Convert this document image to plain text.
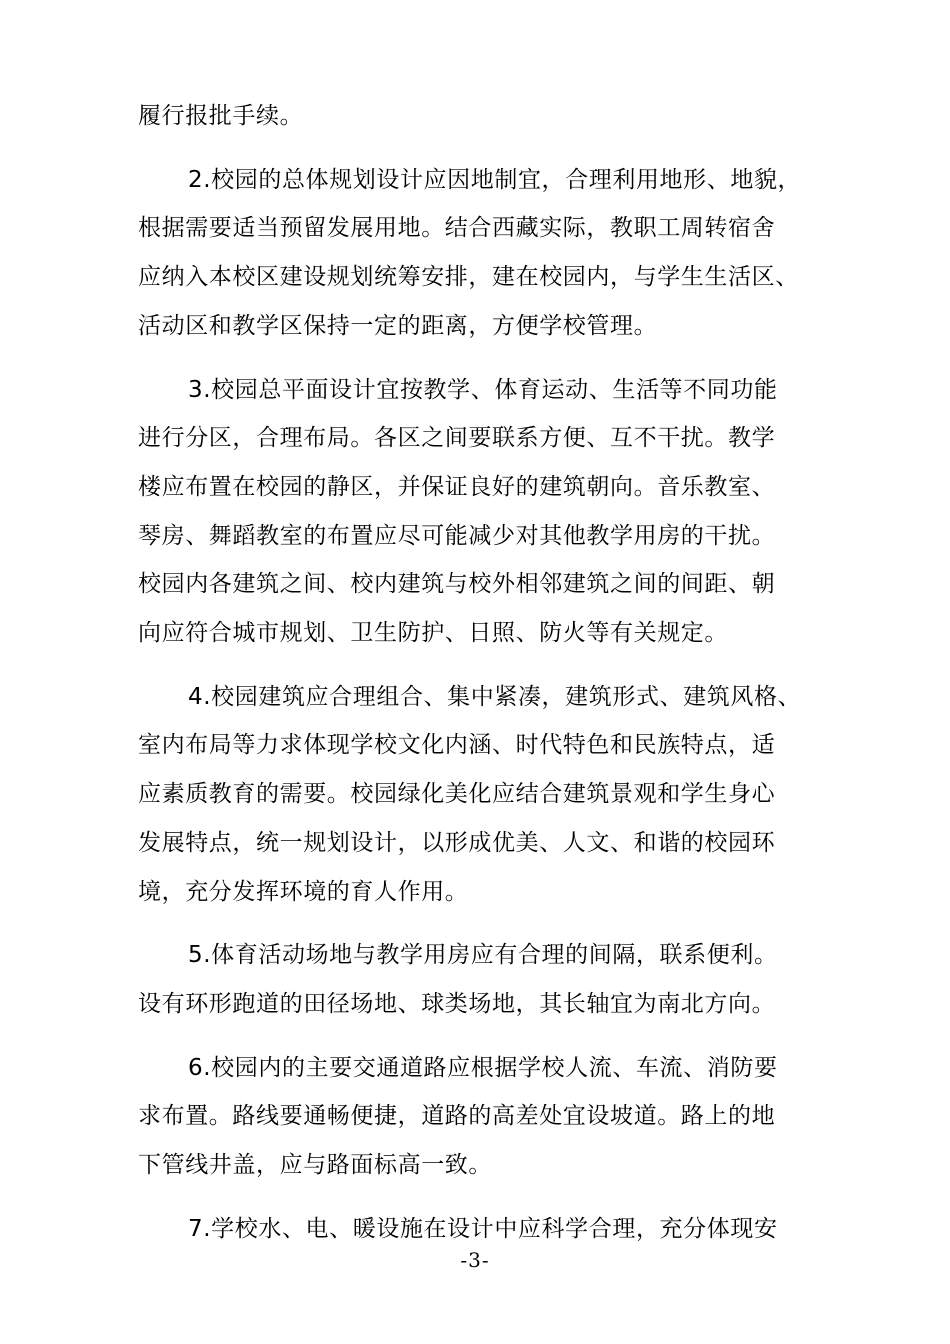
履行报批手续。

2.校园的总体规划设计应因地制宜，合理利用地形、地貌，
根据需要适当预留发展用地。结合西藏实际，教职工周转宿舍
应纳入本校区建设规划统筹安排，建在校园内，与学生生活区、
活动区和教学区保持一定的距离，方便学校管理。

3.校园总平面设计宜按教学、体育运动、生活等不同功能
进行分区，合理布局。各区之间要联系方便、互不干扰。教学
楼应布置在校园的静区，并保证良好的建筑朝向。音乐教室、
琴房、舞蹈教室的布置应尽可能减少对其他教学用房的干扰。
校园内各建筑之间、校内建筑与校外相邻建筑之间的间距、朝
向应符合城市规划、卫生防护、日照、防火等有关规定。

4.校园建筑应合理组合、集中紧凑，建筑形式、建筑风格、
室内布局等力求体现学校文化内涵、时代特色和民族特点，适
应素质教育的需要。校园绿化美化应结合建筑景观和学生身心
发展特点，统一规划设计，以形成优美、人文、和谐的校园环
境，充分发挥环境的育人作用。

5.体育活动场地与教学用房应有合理的间隔，联系便利。
设有环形跑道的田径场地、球类场地，其长轴宜为南北方向。

6.校园内的主要交通道路应根据学校人流、车流、消防要
求布置。路线要通畅便捷，道路的高差处宜设坡道。路上的地
下管线井盖，应与路面标高一致。

7.学校水、电、暖设施在设计中应科学合理，充分体现安

-3-
